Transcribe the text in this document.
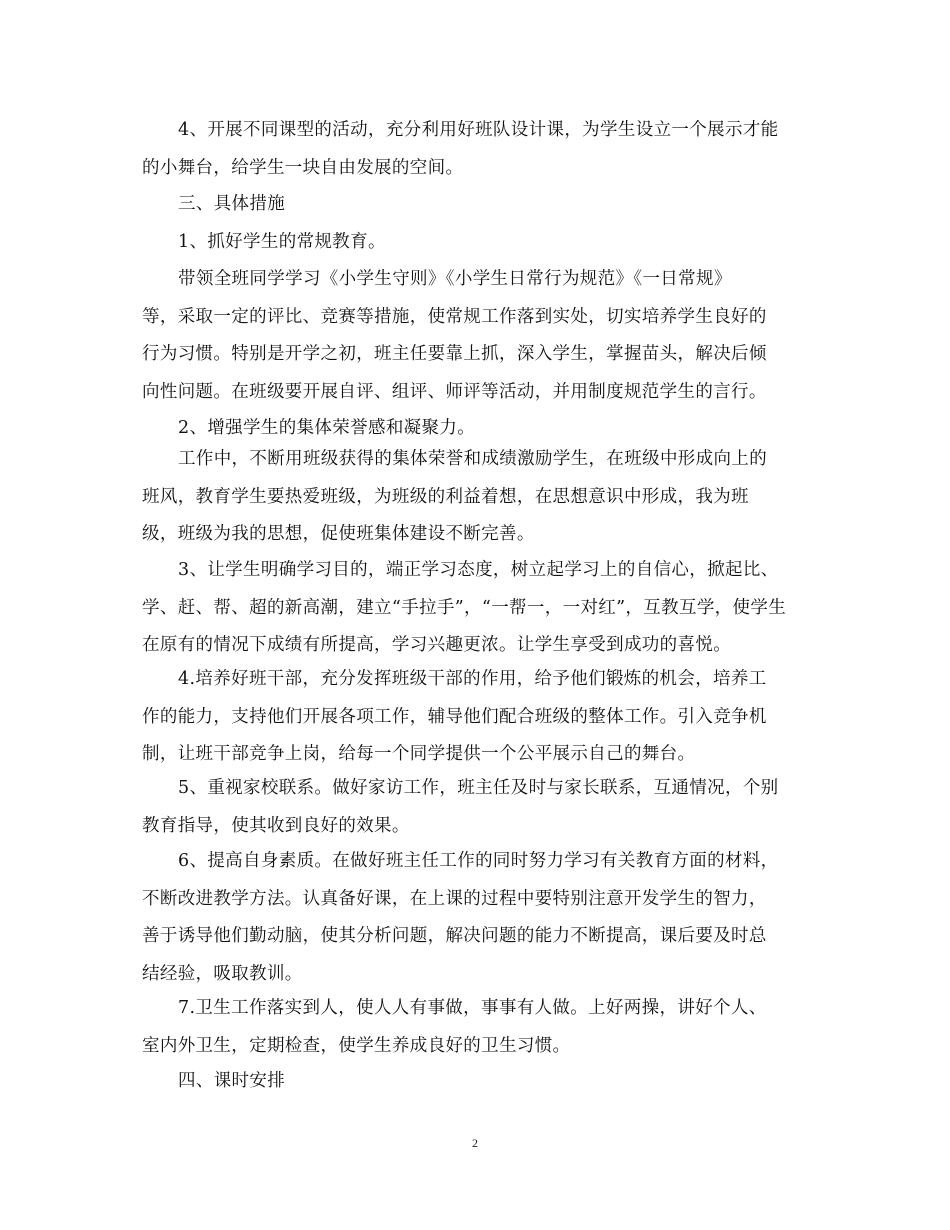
4、开展不同课型的活动，充分利用好班队设计课，为学生设立一个展示才能
的小舞台，给学生一块自由发展的空间。
三、具体措施
1、抓好学生的常规教育。
带领全班同学学习《小学生守则》《小学生日常行为规范》《一日常规》
等，采取一定的评比、竞赛等措施，使常规工作落到实处，切实培养学生良好的
行为习惯。特别是开学之初，班主任要靠上抓，深入学生，掌握苗头，解决后倾
向性问题。在班级要开展自评、组评、师评等活动，并用制度规范学生的言行。
2、增强学生的集体荣誉感和凝聚力。
工作中，不断用班级获得的集体荣誉和成绩激励学生，在班级中形成向上的
班风，教育学生要热爱班级，为班级的利益着想，在思想意识中形成，我为班
级，班级为我的思想，促使班集体建设不断完善。
3、让学生明确学习目的，端正学习态度，树立起学习上的自信心，掀起比、
学、赶、帮、超的新高潮，建立“手拉手”，“一帮一，一对红”，互教互学，使学生
在原有的情况下成绩有所提高，学习兴趣更浓。让学生享受到成功的喜悦。
4.培养好班干部，充分发挥班级干部的作用，给予他们锻炼的机会，培养工
作的能力，支持他们开展各项工作，辅导他们配合班级的整体工作。引入竞争机
制，让班干部竞争上岗，给每一个同学提供一个公平展示自己的舞台。
5、重视家校联系。做好家访工作，班主任及时与家长联系，互通情况，个别
教育指导，使其收到良好的效果。
6、提高自身素质。在做好班主任工作的同时努力学习有关教育方面的材料，
不断改进教学方法。认真备好课，在上课的过程中要特别注意开发学生的智力，
善于诱导他们勤动脑，使其分析问题，解决问题的能力不断提高，课后要及时总
结经验，吸取教训。
7.卫生工作落实到人，使人人有事做，事事有人做。上好两操，讲好个人、
室内外卫生，定期检查，使学生养成良好的卫生习惯。
四、课时安排
2
